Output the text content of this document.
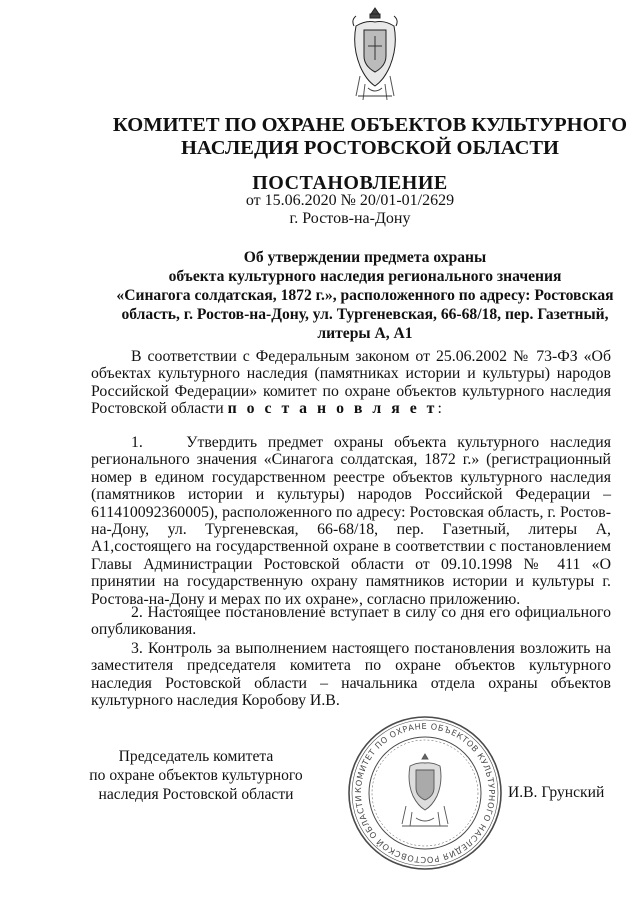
КОМИТЕТ ПО ОХРАНЕ ОБЪЕКТОВ КУЛЬТУРНОГО
НАСЛЕДИЯ РОСТОВСКОЙ ОБЛАСТИ
ПОСТАНОВЛЕНИЕ
от 15.06.2020 № 20/01-01/2629
г. Ростов-на-Дону
Об утверждении предмета охраны
объекта культурного наследия регионального значения
«Синагога солдатская, 1872 г.», расположенного по адресу: Ростовская
область, г. Ростов-на-Дону, ул. Тургеневская, 66-68/18, пер. Газетный,
литеры А, А1
В соответствии с Федеральным законом от 25.06.2002 № 73-ФЗ «Об объектах культурного наследия (памятниках истории и культуры) народов Российской Федерации» комитет по охране объектов культурного наследия Ростовской области п о с т а н о в л я е т:
1.    Утвердить предмет охраны объекта культурного наследия регионального значения «Синагога солдатская, 1872 г.» (регистрационный номер в едином государственном реестре объектов культурного наследия (памятников истории и культуры) народов Российской Федерации – 611410092360005), расположенного по адресу: Ростовская область, г. Ростов-на-Дону, ул. Тургеневская, 66-68/18, пер. Газетный, литеры А, А1,состоящего на государственной охране в соответствии с постановлением Главы Администрации Ростовской области от 09.10.1998 № 411 «О принятии на государственную охрану памятников истории и культуры г. Ростова-на-Дону и мерах по их охране», согласно приложению.
2. Настоящее постановление вступает в силу со дня его официального опубликования.
3. Контроль за выполнением настоящего постановления возложить на заместителя председателя комитета по охране объектов культурного наследия Ростовской области – начальника отдела охраны объектов культурного наследия Коробову И.В.
Председатель комитета
по охране объектов культурного
наследия Ростовской области	КОМИТЕТ ПО ОХРАНЕ ОБЪЕКТОВ КУЛЬТУРНОГО НАСЛЕДИЯ РОСТОВСКОЙ ОБЛАСТИ	И.В. Грунский
